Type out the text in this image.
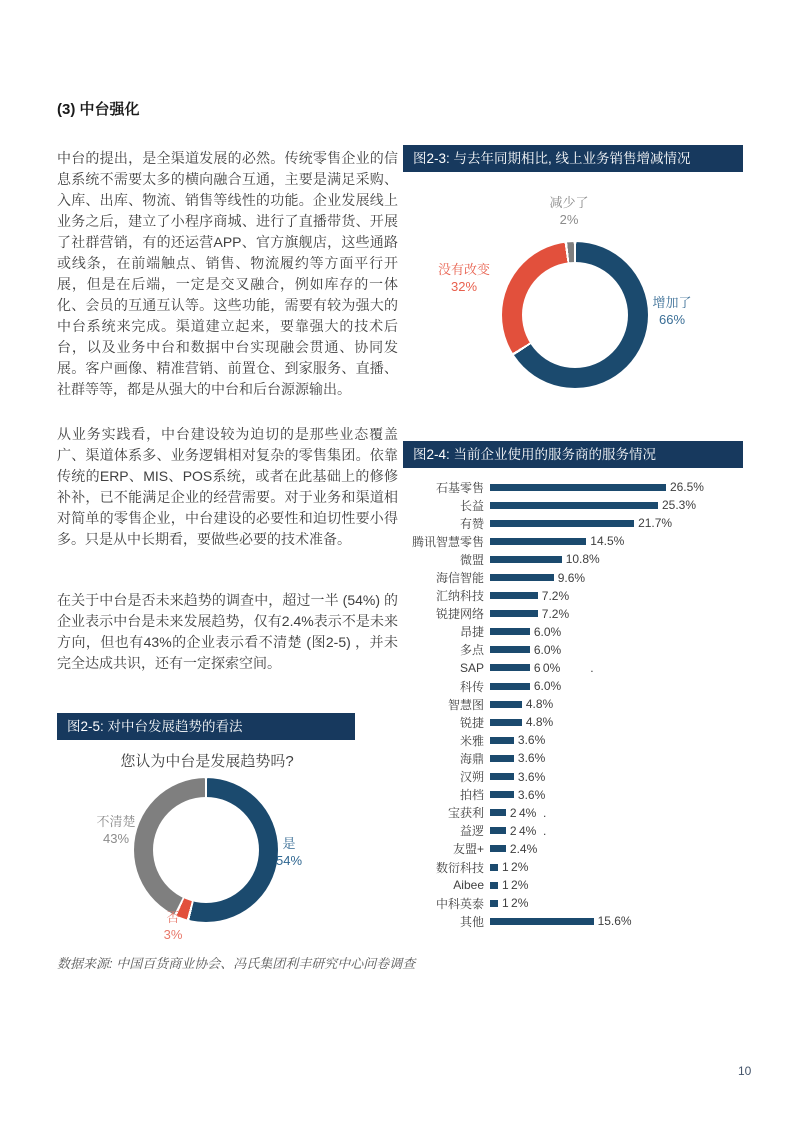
(3) 中台强化

中台的提出，是全渠道发展的必然。传统零售企业的信息系统不需要太多的横向融合互通，主要是满足采购、入库、出库、物流、销售等线性的功能。企业发展线上业务之后，建立了小程序商城、进行了直播带货、开展了社群营销，有的还运营APP、官方旗舰店，这些通路或线条，在前端触点、销售、物流履约等方面平行开展，但是在后端，一定是交叉融合，例如库存的一体化、会员的互通互认等。这些功能，需要有较为强大的中台系统来完成。渠道建立起来，要靠强大的技术后台，以及业务中台和数据中台实现融会贯通、协同发展。客户画像、精准营销、前置仓、到家服务、直播、社群等等，都是从强大的中台和后台源源输出。

从业务实践看，中台建设较为迫切的是那些业态覆盖广、渠道体系多、业务逻辑相对复杂的零售集团。依靠传统的ERP、MIS、POS系统，或者在此基础上的修修补补，已不能满足企业的经营需要。对于业务和渠道相对简单的零售企业，中台建设的必要性和迫切性要小得多。只是从中长期看，要做些必要的技术准备。

在关于中台是否未来趋势的调查中，超过一半 (54%) 的企业表示中台是未来发展趋势，仅有2.4%表示不是未来方向，但也有43%的企业表示看不清楚 (图2-5) ，并未完全达成共识，还有一定探索空间。

图2-3: 与去年同期相比, 线上业务销售增减情况
减少了
2%
没有改变
32%
增加了
66%
图2-4: 当前企业使用的服务商的服务情况
石基零售	26.5%
长益	25.3%
有赞	21.7%
腾讯智慧零售	14.5%
微盟	10.8%
海信智能	9.6%
汇纳科技	7.2%
锐捷网络	7.2%
昂捷	6.0%
多点	6.0%
SAP	6 0%         .
科传	6.0%
智慧图	4.8%
锐捷	4.8%
米雅	3.6%
海鼎	3.6%
汉朔	3.6%
拍档	3.6%
宝获利 2 4%  .
益逻 2 4%  .
友盟+ 2.4%
数衍科技 1 2%
Aibee 1 2%
中科英泰 1 2%
其他	15.6%
图2-5: 对中台发展趋势的看法
您认为中台是发展趋势吗?
不清楚
43%	是
54%
否
3%

数据来源: 中国百货商业协会、冯氏集团利丰研究中心问卷调查

10
